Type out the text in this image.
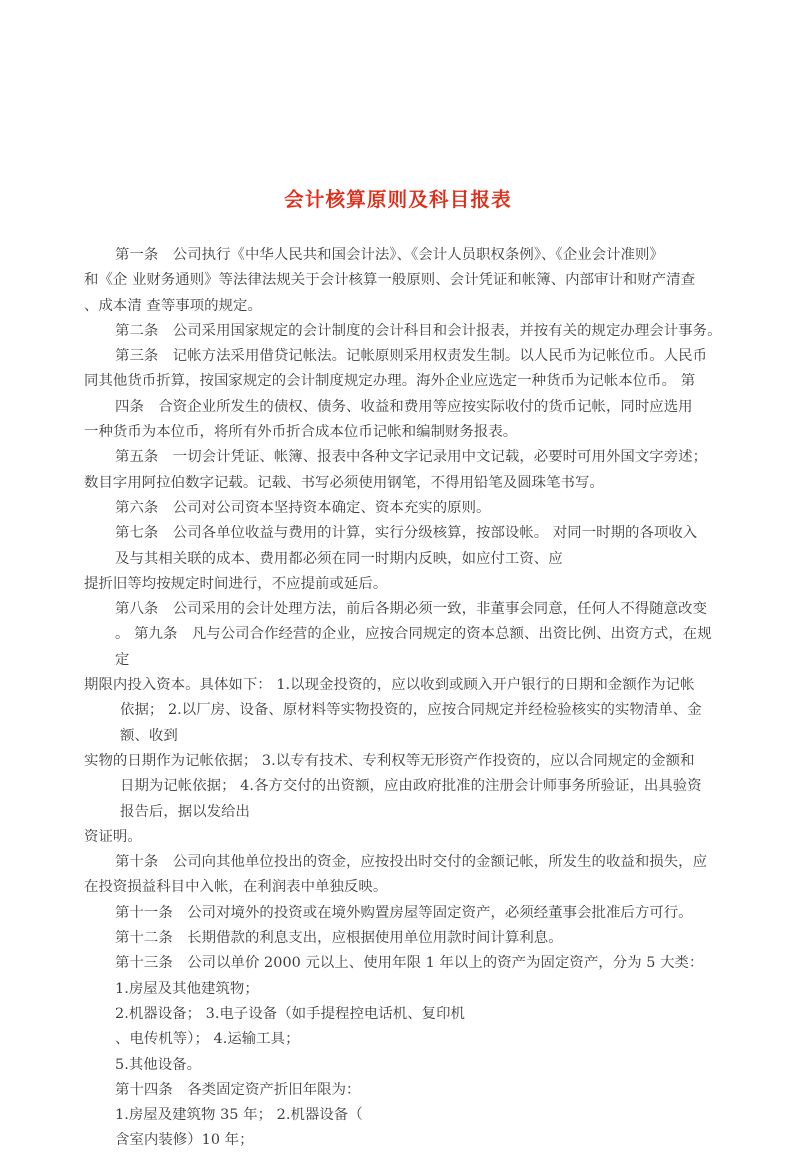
会计核算原则及科目报表
第一条　公司执行《中华人民共和国会计法》、《会计人员职权条例》、《企业会计准则》
和《企 业财务通则》等法律法规关于会计核算一般原则、会计凭证和帐簿、内部审计和财产清查
、成本清 查等事项的规定。
第二条　公司采用国家规定的会计制度的会计科目和会计报表，并按有关的规定办理会计事务。
第三条　记帐方法采用借贷记帐法。记帐原则采用权责发生制。以人民币为记帐位币。人民币
同其他货币折算，按国家规定的会计制度规定办理。海外企业应选定一种货币为记帐本位币。 第
四条　合资企业所发生的债权、债务、收益和费用等应按实际收付的货币记帐，同时应选用
一种货币为本位币，将所有外币折合成本位币记帐和编制财务报表。
第五条　一切会计凭证、帐簿、报表中各种文字记录用中文记载，必要时可用外国文字旁述；
数目字用阿拉伯数字记载。记载、书写必须使用钢笔，不得用铅笔及圆珠笔书写。
第六条　公司对公司资本坚持资本确定、资本充实的原则。
第七条　公司各单位收益与费用的计算，实行分级核算，按部设帐。 对同一时期的各项收入
及与其相关联的成本、费用都必须在同一时期内反映，如应付工资、应
提折旧等均按规定时间进行，不应提前或延后。
第八条　公司采用的会计处理方法，前后各期必须一致，非董事会同意，任何人不得随意改变
。 第九条　凡与公司合作经营的企业，应按合同规定的资本总额、出资比例、出资方式，在规
定
期限内投入资本。具体如下： 1.以现金投资的，应以收到或顾入开户银行的日期和金额作为记帐
依据； 2.以厂房、设备、原材料等实物投资的，应按合同规定并经检验核实的实物清单、金
额、收到
实物的日期作为记帐依据； 3.以专有技术、专利权等无形资产作投资的，应以合同规定的金额和
日期为记帐依据； 4.各方交付的出资额，应由政府批准的注册会计师事务所验证，出具验资
报告后，据以发给出
资证明。
第十条　公司向其他单位投出的资金，应按投出时交付的金额记帐，所发生的收益和损失，应
在投资损益科目中入帐，在利润表中单独反映。
第十一条　公司对境外的投资或在境外购置房屋等固定资产，必须经董事会批准后方可行。
第十二条　长期借款的利息支出，应根据使用单位用款时间计算利息。
第十三条　公司以单价 2000 元以上、使用年限 1 年以上的资产为固定资产，分为 5 大类：
1.房屋及其他建筑物；
2.机器设备； 3.电子设备（如手提程控电话机、复印机
、电传机等）； 4.运输工具；
5.其他设备。
第十四条　各类固定资产折旧年限为：
1.房屋及建筑物 35 年； 2.机器设备（
含室内装修）10 年；
